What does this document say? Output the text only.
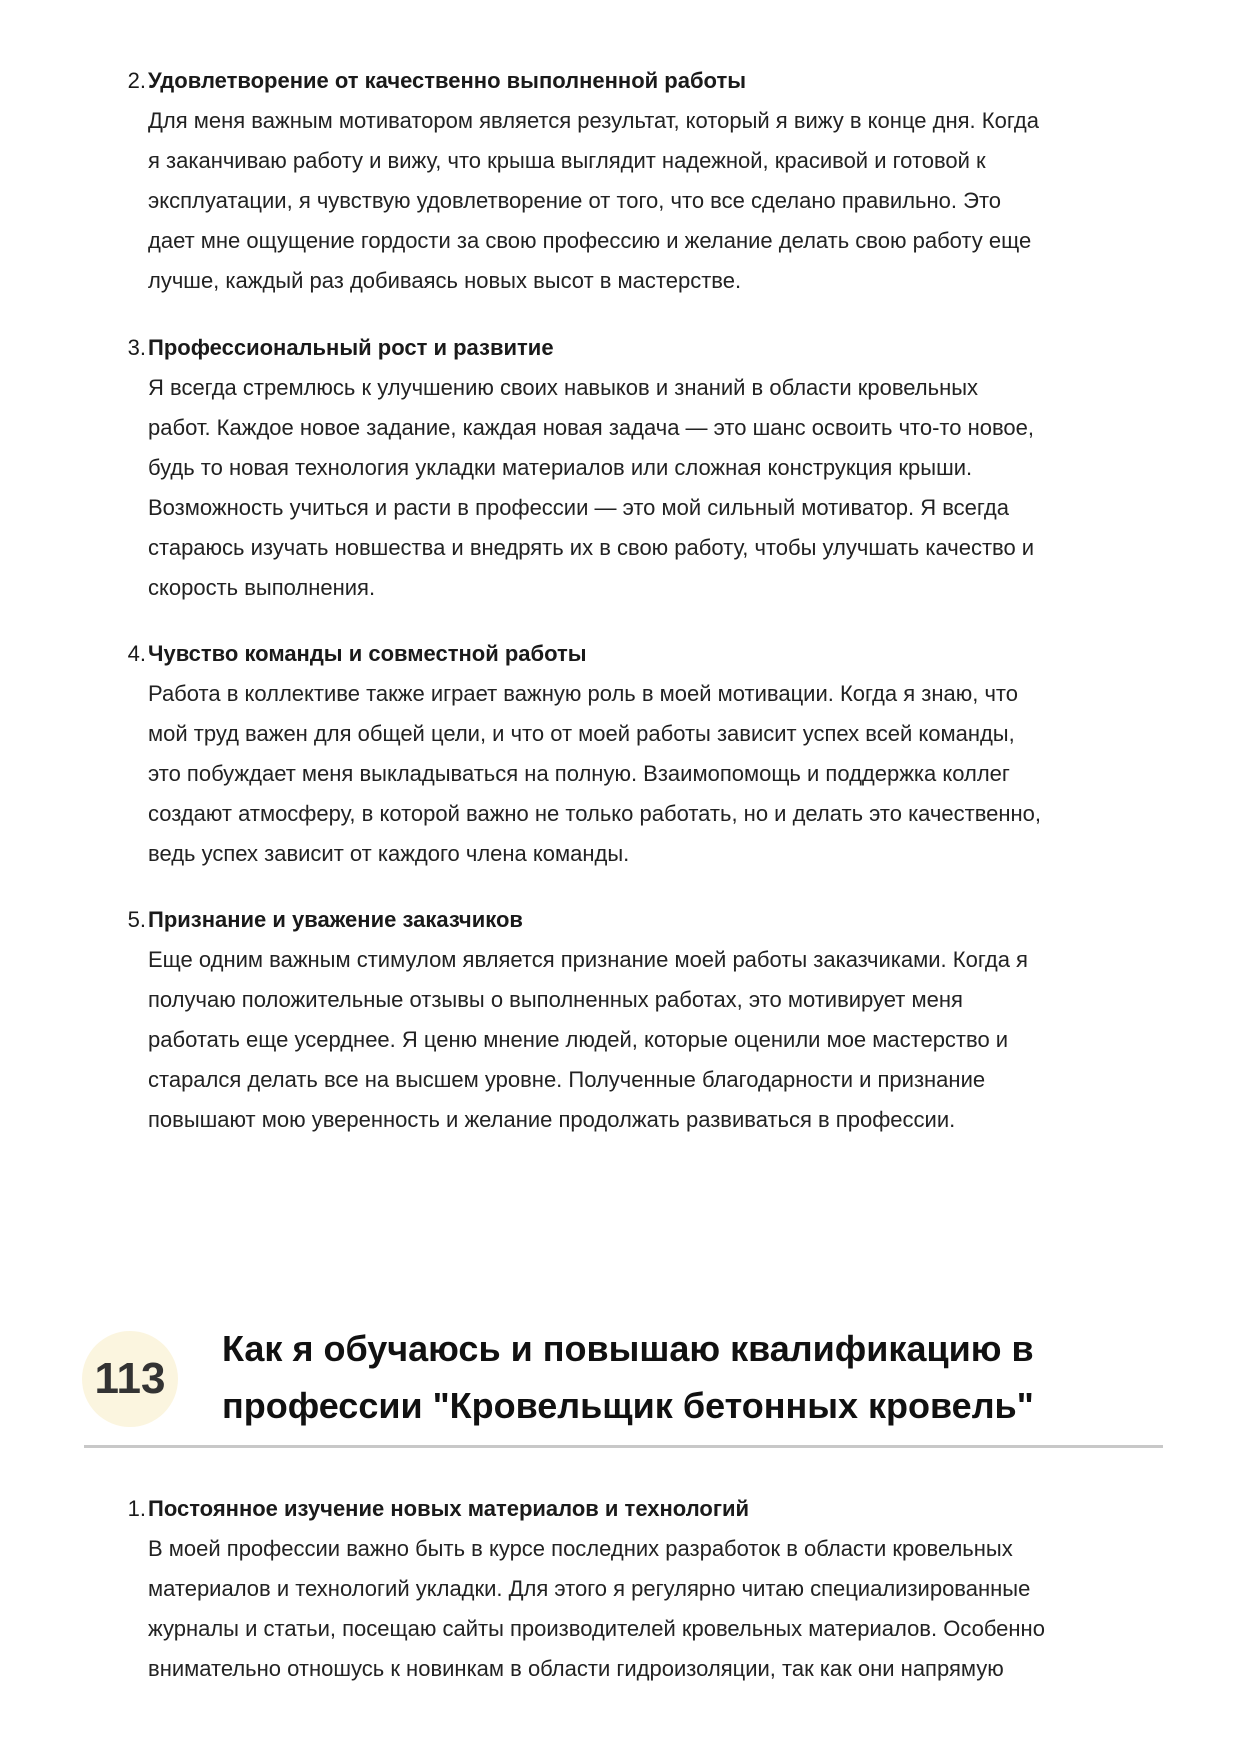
2.Удовлетворение от качественно выполненной работы
Для меня важным мотиватором является результат, который я вижу в конце дня. Когда
я заканчиваю работу и вижу, что крыша выглядит надежной, красивой и готовой к
эксплуатации, я чувствую удовлетворение от того, что все сделано правильно. Это
дает мне ощущение гордости за свою профессию и желание делать свою работу еще
лучше, каждый раз добиваясь новых высот в мастерстве.
3.Профессиональный рост и развитие
Я всегда стремлюсь к улучшению своих навыков и знаний в области кровельных
работ. Каждое новое задание, каждая новая задача — это шанс освоить что-то новое,
будь то новая технология укладки материалов или сложная конструкция крыши.
Возможность учиться и расти в профессии — это мой сильный мотиватор. Я всегда
стараюсь изучать новшества и внедрять их в свою работу, чтобы улучшать качество и
скорость выполнения.
4.Чувство команды и совместной работы
Работа в коллективе также играет важную роль в моей мотивации. Когда я знаю, что
мой труд важен для общей цели, и что от моей работы зависит успех всей команды,
это побуждает меня выкладываться на полную. Взаимопомощь и поддержка коллег
создают атмосферу, в которой важно не только работать, но и делать это качественно,
ведь успех зависит от каждого члена команды.
5.Признание и уважение заказчиков
Еще одним важным стимулом является признание моей работы заказчиками. Когда я
получаю положительные отзывы о выполненных работах, это мотивирует меня
работать еще усерднее. Я ценю мнение людей, которые оценили мое мастерство и
старался делать все на высшем уровне. Полученные благодарности и признание
повышают мою уверенность и желание продолжать развиваться в профессии.
113
Как я обучаюсь и повышаю квалификацию в
профессии "Кровельщик бетонных кровель"
1.Постоянное изучение новых материалов и технологий
В моей профессии важно быть в курсе последних разработок в области кровельных
материалов и технологий укладки. Для этого я регулярно читаю специализированные
журналы и статьи, посещаю сайты производителей кровельных материалов. Особенно
внимательно отношусь к новинкам в области гидроизоляции, так как они напрямую
